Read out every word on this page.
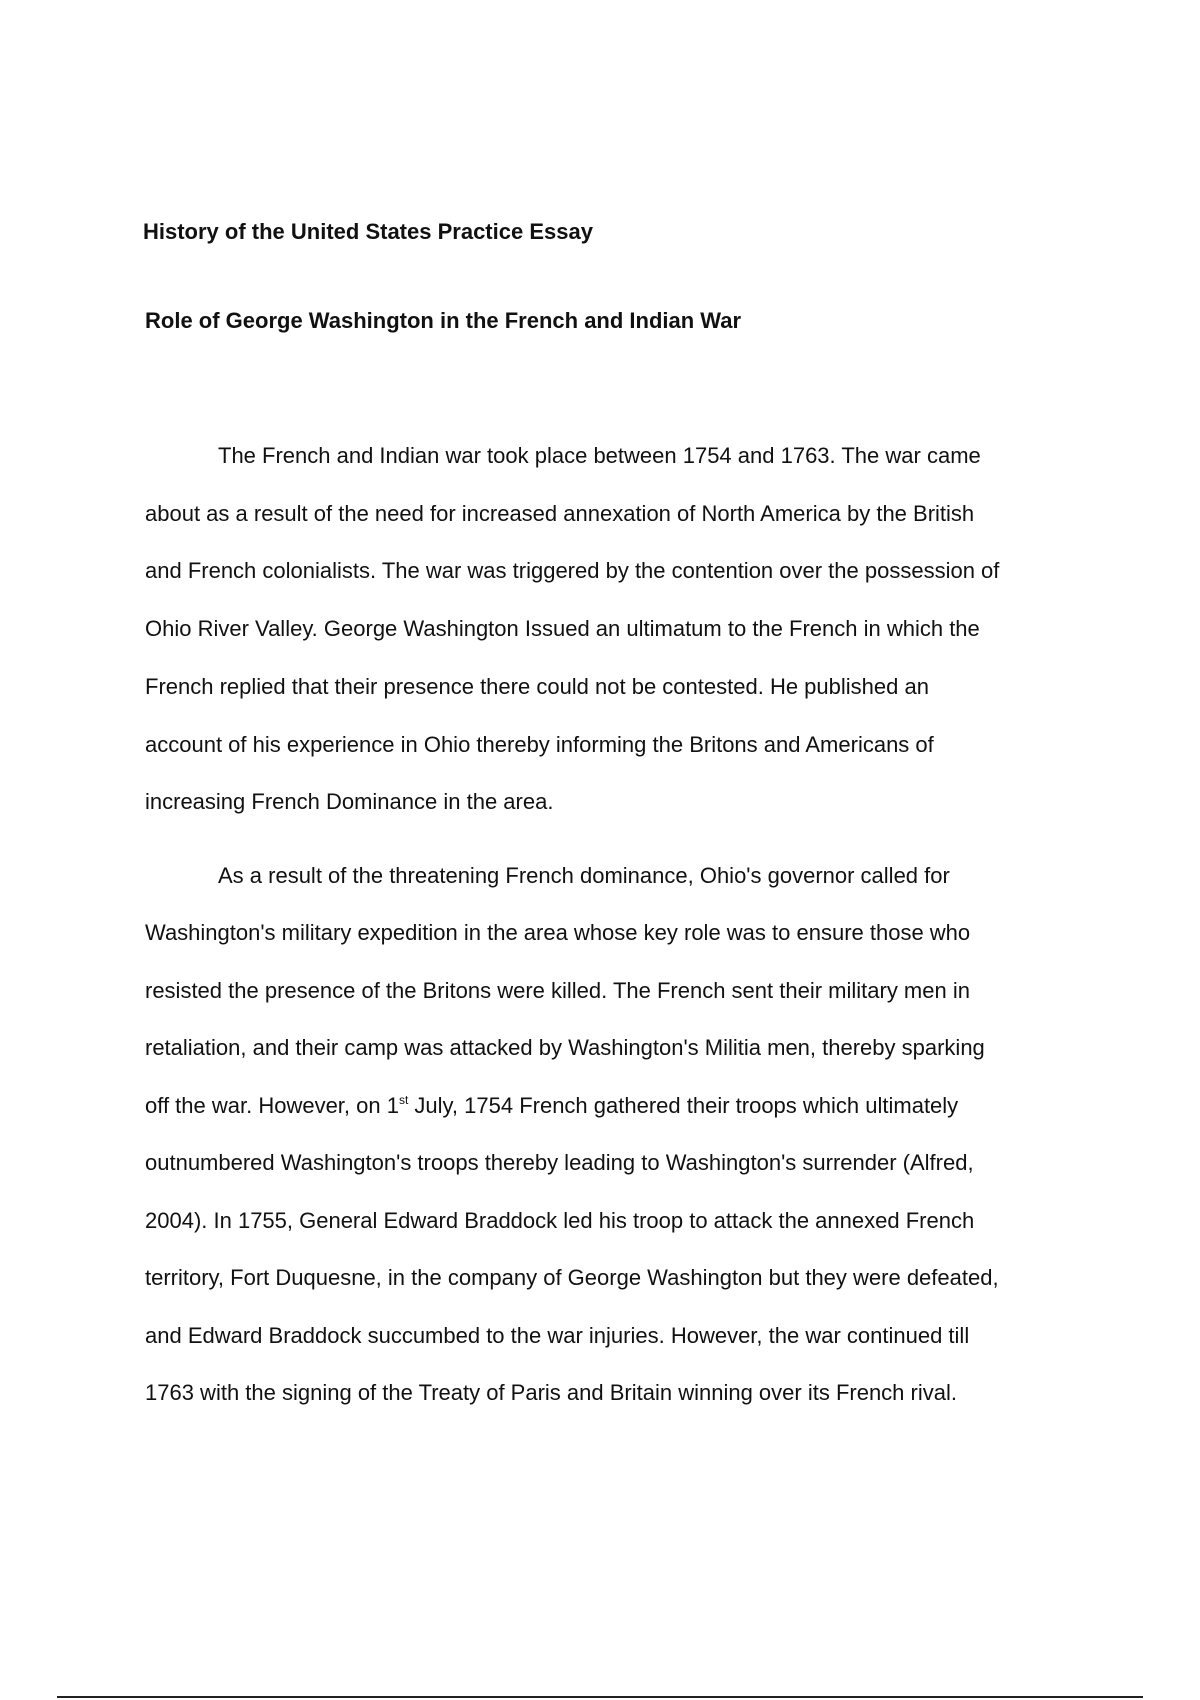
History of the United States Practice Essay
Role of George Washington in the French and Indian War

The French and Indian war took place between 1754 and 1763. The war came

about as a result of the need for increased annexation of North America by the British

and French colonialists. The war was triggered by the contention over the possession of

Ohio River Valley. George Washington Issued an ultimatum to the French in which the

French replied that their presence there could not be contested. He published an

account of his experience in Ohio thereby informing the Britons and Americans of

increasing French Dominance in the area.

As a result of the threatening French dominance, Ohio's governor called for

Washington's military expedition in the area whose key role was to ensure those who

resisted the presence of the Britons were killed. The French sent their military men in

retaliation, and their camp was attacked by Washington's Militia men, thereby sparking

off the war. However, on 1st July, 1754 French gathered their troops which ultimately

outnumbered Washington's troops thereby leading to Washington's surrender (Alfred,

2004). In 1755, General Edward Braddock led his troop to attack the annexed French

territory, Fort Duquesne, in the company of George Washington but they were defeated,

and Edward Braddock succumbed to the war injuries. However, the war continued till

1763 with the signing of the Treaty of Paris and Britain winning over its French rival.
